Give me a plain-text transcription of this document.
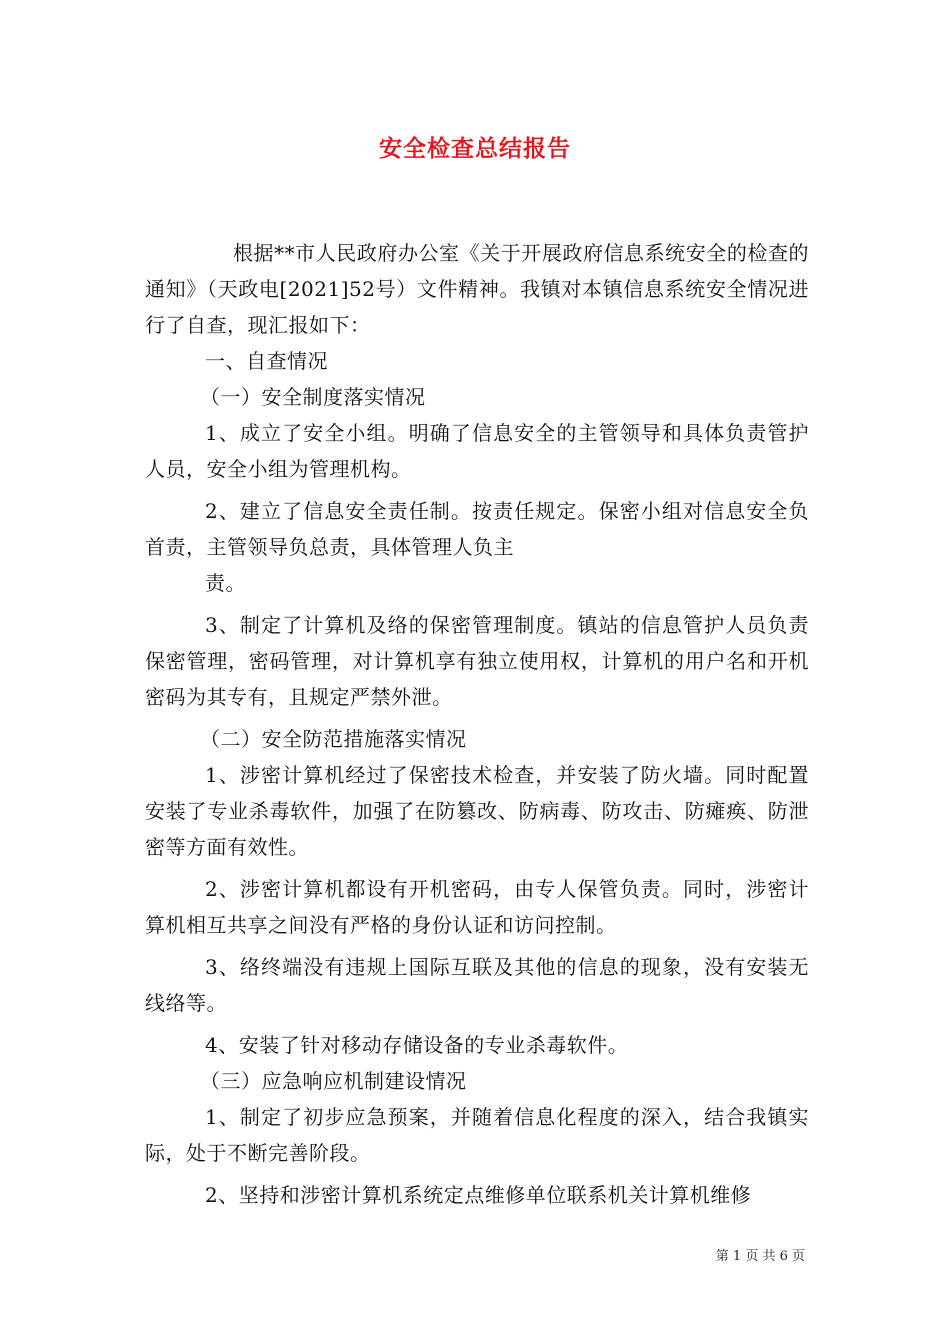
安全检查总结报告

根据**市人民政府办公室《关于开展政府信息系统安全的检查的通知》（天政电[2021]52号）文件精神。我镇对本镇信息系统安全情况进行了自查，现汇报如下：

一、自查情况

（一）安全制度落实情况

1、成立了安全小组。明确了信息安全的主管领导和具体负责管护人员，安全小组为管理机构。

2、建立了信息安全责任制。按责任规定。保密小组对信息安全负首责，主管领导负总责，具体管理人负主

责。

3、制定了计算机及络的保密管理制度。镇站的信息管护人员负责保密管理，密码管理，对计算机享有独立使用权，计算机的用户名和开机密码为其专有，且规定严禁外泄。

（二）安全防范措施落实情况

1、涉密计算机经过了保密技术检查，并安装了防火墙。同时配置安装了专业杀毒软件，加强了在防篡改、防病毒、防攻击、防瘫痪、防泄密等方面有效性。

2、涉密计算机都设有开机密码，由专人保管负责。同时，涉密计算机相互共享之间没有严格的身份认证和访问控制。

3、络终端没有违规上国际互联及其他的信息的现象，没有安装无线络等。

4、安装了针对移动存储设备的专业杀毒软件。

（三）应急响应机制建设情况

1、制定了初步应急预案，并随着信息化程度的深入，结合我镇实际，处于不断完善阶段。

2、坚持和涉密计算机系统定点维修单位联系机关计算机维修

第 1 页 共 6 页
